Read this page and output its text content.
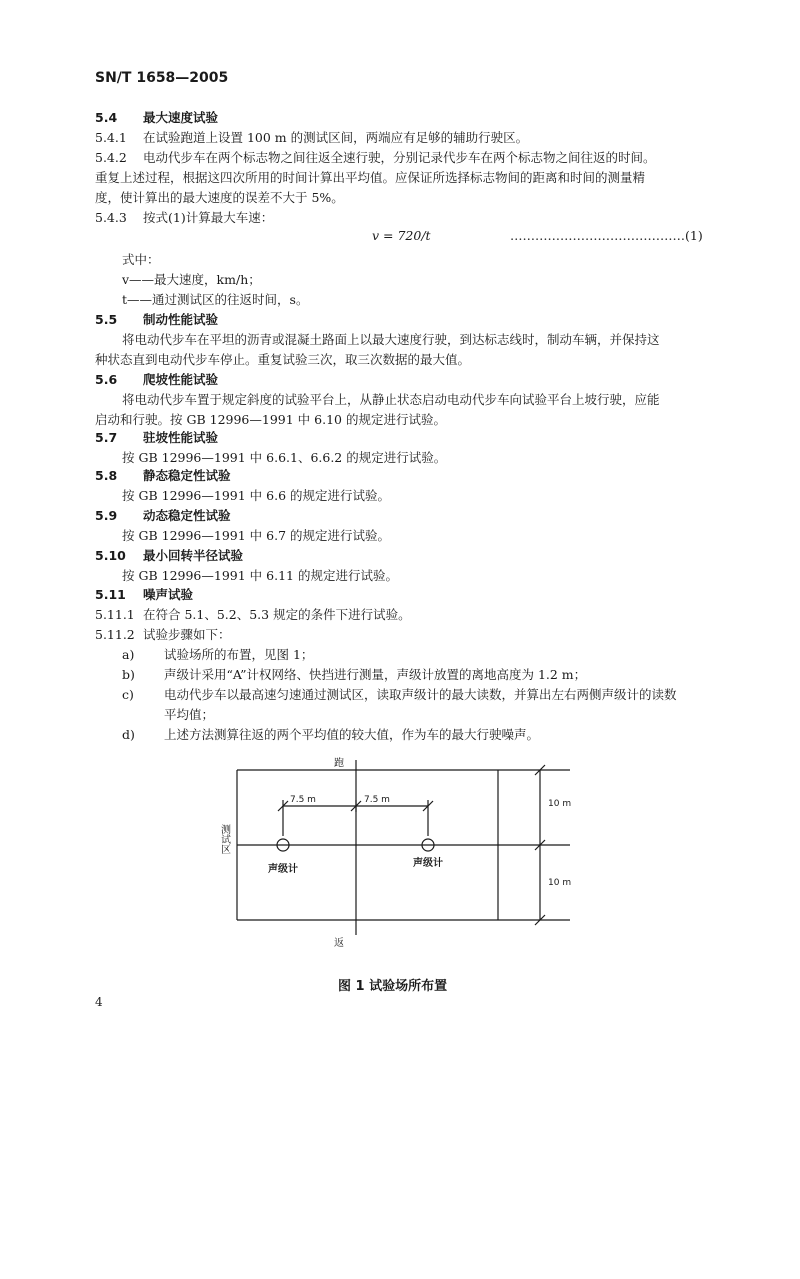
SN/T 1658—2005
5.4 最大速度试验
5.4.1 在试验跑道上设置 100 m 的测试区间，两端应有足够的辅助行驶区。
5.4.2 电动代步车在两个标志物之间往返全速行驶，分别记录代步车在两个标志物之间往返的时间。
重复上述过程，根据这四次所用的时间计算出平均值。应保证所选择标志物间的距离和时间的测量精
度，使计算出的最大速度的误差不大于 5%。
5.4.3 按式(1)计算最大车速：
v = 720/t	……………………………………(1)
式中：
v——最大速度，km/h；
t——通过测试区的往返时间，s。
5.5 制动性能试验
将电动代步车在平坦的沥青或混凝土路面上以最大速度行驶，到达标志线时，制动车辆，并保持这
种状态直到电动代步车停止。重复试验三次，取三次数据的最大值。
5.6 爬坡性能试验
将电动代步车置于规定斜度的试验平台上，从静止状态启动电动代步车向试验平台上坡行驶，应能
启动和行驶。按 GB 12996—1991 中 6.10 的规定进行试验。
5.7 驻坡性能试验
按 GB 12996—1991 中 6.6.1、6.6.2 的规定进行试验。
5.8 静态稳定性试验
按 GB 12996—1991 中 6.6 的规定进行试验。
5.9 动态稳定性试验
按 GB 12996—1991 中 6.7 的规定进行试验。
5.10 最小回转半径试验
按 GB 12996—1991 中 6.11 的规定进行试验。
5.11 噪声试验
5.11.1 在符合 5.1、5.2、5.3 规定的条件下进行试验。
5.11.2 试验步骤如下：
a) 试验场所的布置，见图 1；
b) 声级计采用“A”计权网络、快挡进行测量，声级计放置的离地高度为 1.2 m；
c) 电动代步车以最高速匀速通过测试区，读取声级计的最大读数，并算出左右两侧声级计的读数
平均值；
d) 上述方法测算往返的两个平均值的较大值，作为车的最大行驶噪声。
7.5 m	7.5 m	10 m
10 m
声级计
声级计
跑
返
测试区
图 1 试验场所布置
4
